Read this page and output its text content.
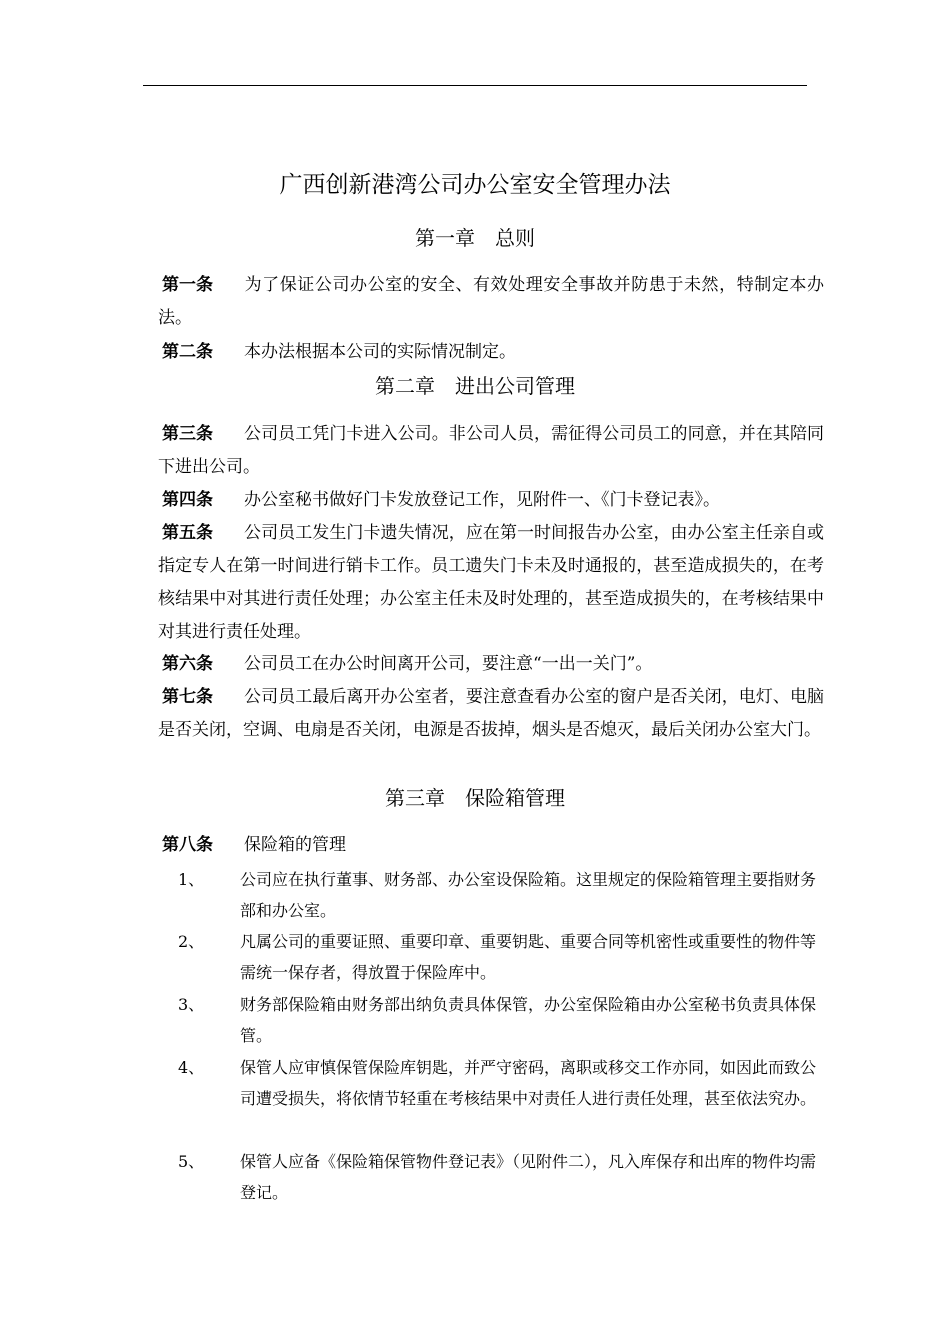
广西创新港湾公司办公室安全管理办法
第一章 总则
第一条 为了保证公司办公室的安全、有效处理安全事故并防患于未然，特制定本办法。
第二条 本办法根据本公司的实际情况制定。
第二章 进出公司管理
第三条 公司员工凭门卡进入公司。非公司人员，需征得公司员工的同意，并在其陪同下进出公司。
第四条 办公室秘书做好门卡发放登记工作，见附件一、《门卡登记表》。
第五条 公司员工发生门卡遗失情况，应在第一时间报告办公室，由办公室主任亲自或指定专人在第一时间进行销卡工作。员工遗失门卡未及时通报的，甚至造成损失的，在考核结果中对其进行责任处理；办公室主任未及时处理的，甚至造成损失的，在考核结果中对其进行责任处理。
第六条 公司员工在办公时间离开公司，要注意“一出一关门”。
第七条 公司员工最后离开办公室者，要注意查看办公室的窗户是否关闭，电灯、电脑是否关闭，空调、电扇是否关闭，电源是否拔掉，烟头是否熄灭，最后关闭办公室大门。
第三章 保险箱管理
第八条 保险箱的管理
1、	公司应在执行董事、财务部、办公室设保险箱。这里规定的保险箱管理主要指财务部和办公室。
2、	凡属公司的重要证照、重要印章、重要钥匙、重要合同等机密性或重要性的物件等需统一保存者，得放置于保险库中。
3、	财务部保险箱由财务部出纳负责具体保管，办公室保险箱由办公室秘书负责具体保管。
4、	保管人应审慎保管保险库钥匙，并严守密码，离职或移交工作亦同，如因此而致公司遭受损失，将依情节轻重在考核结果中对责任人进行责任处理，甚至依法究办。
5、	保管人应备《保险箱保管物件登记表》（见附件二），凡入库保存和出库的物件均需登记。
